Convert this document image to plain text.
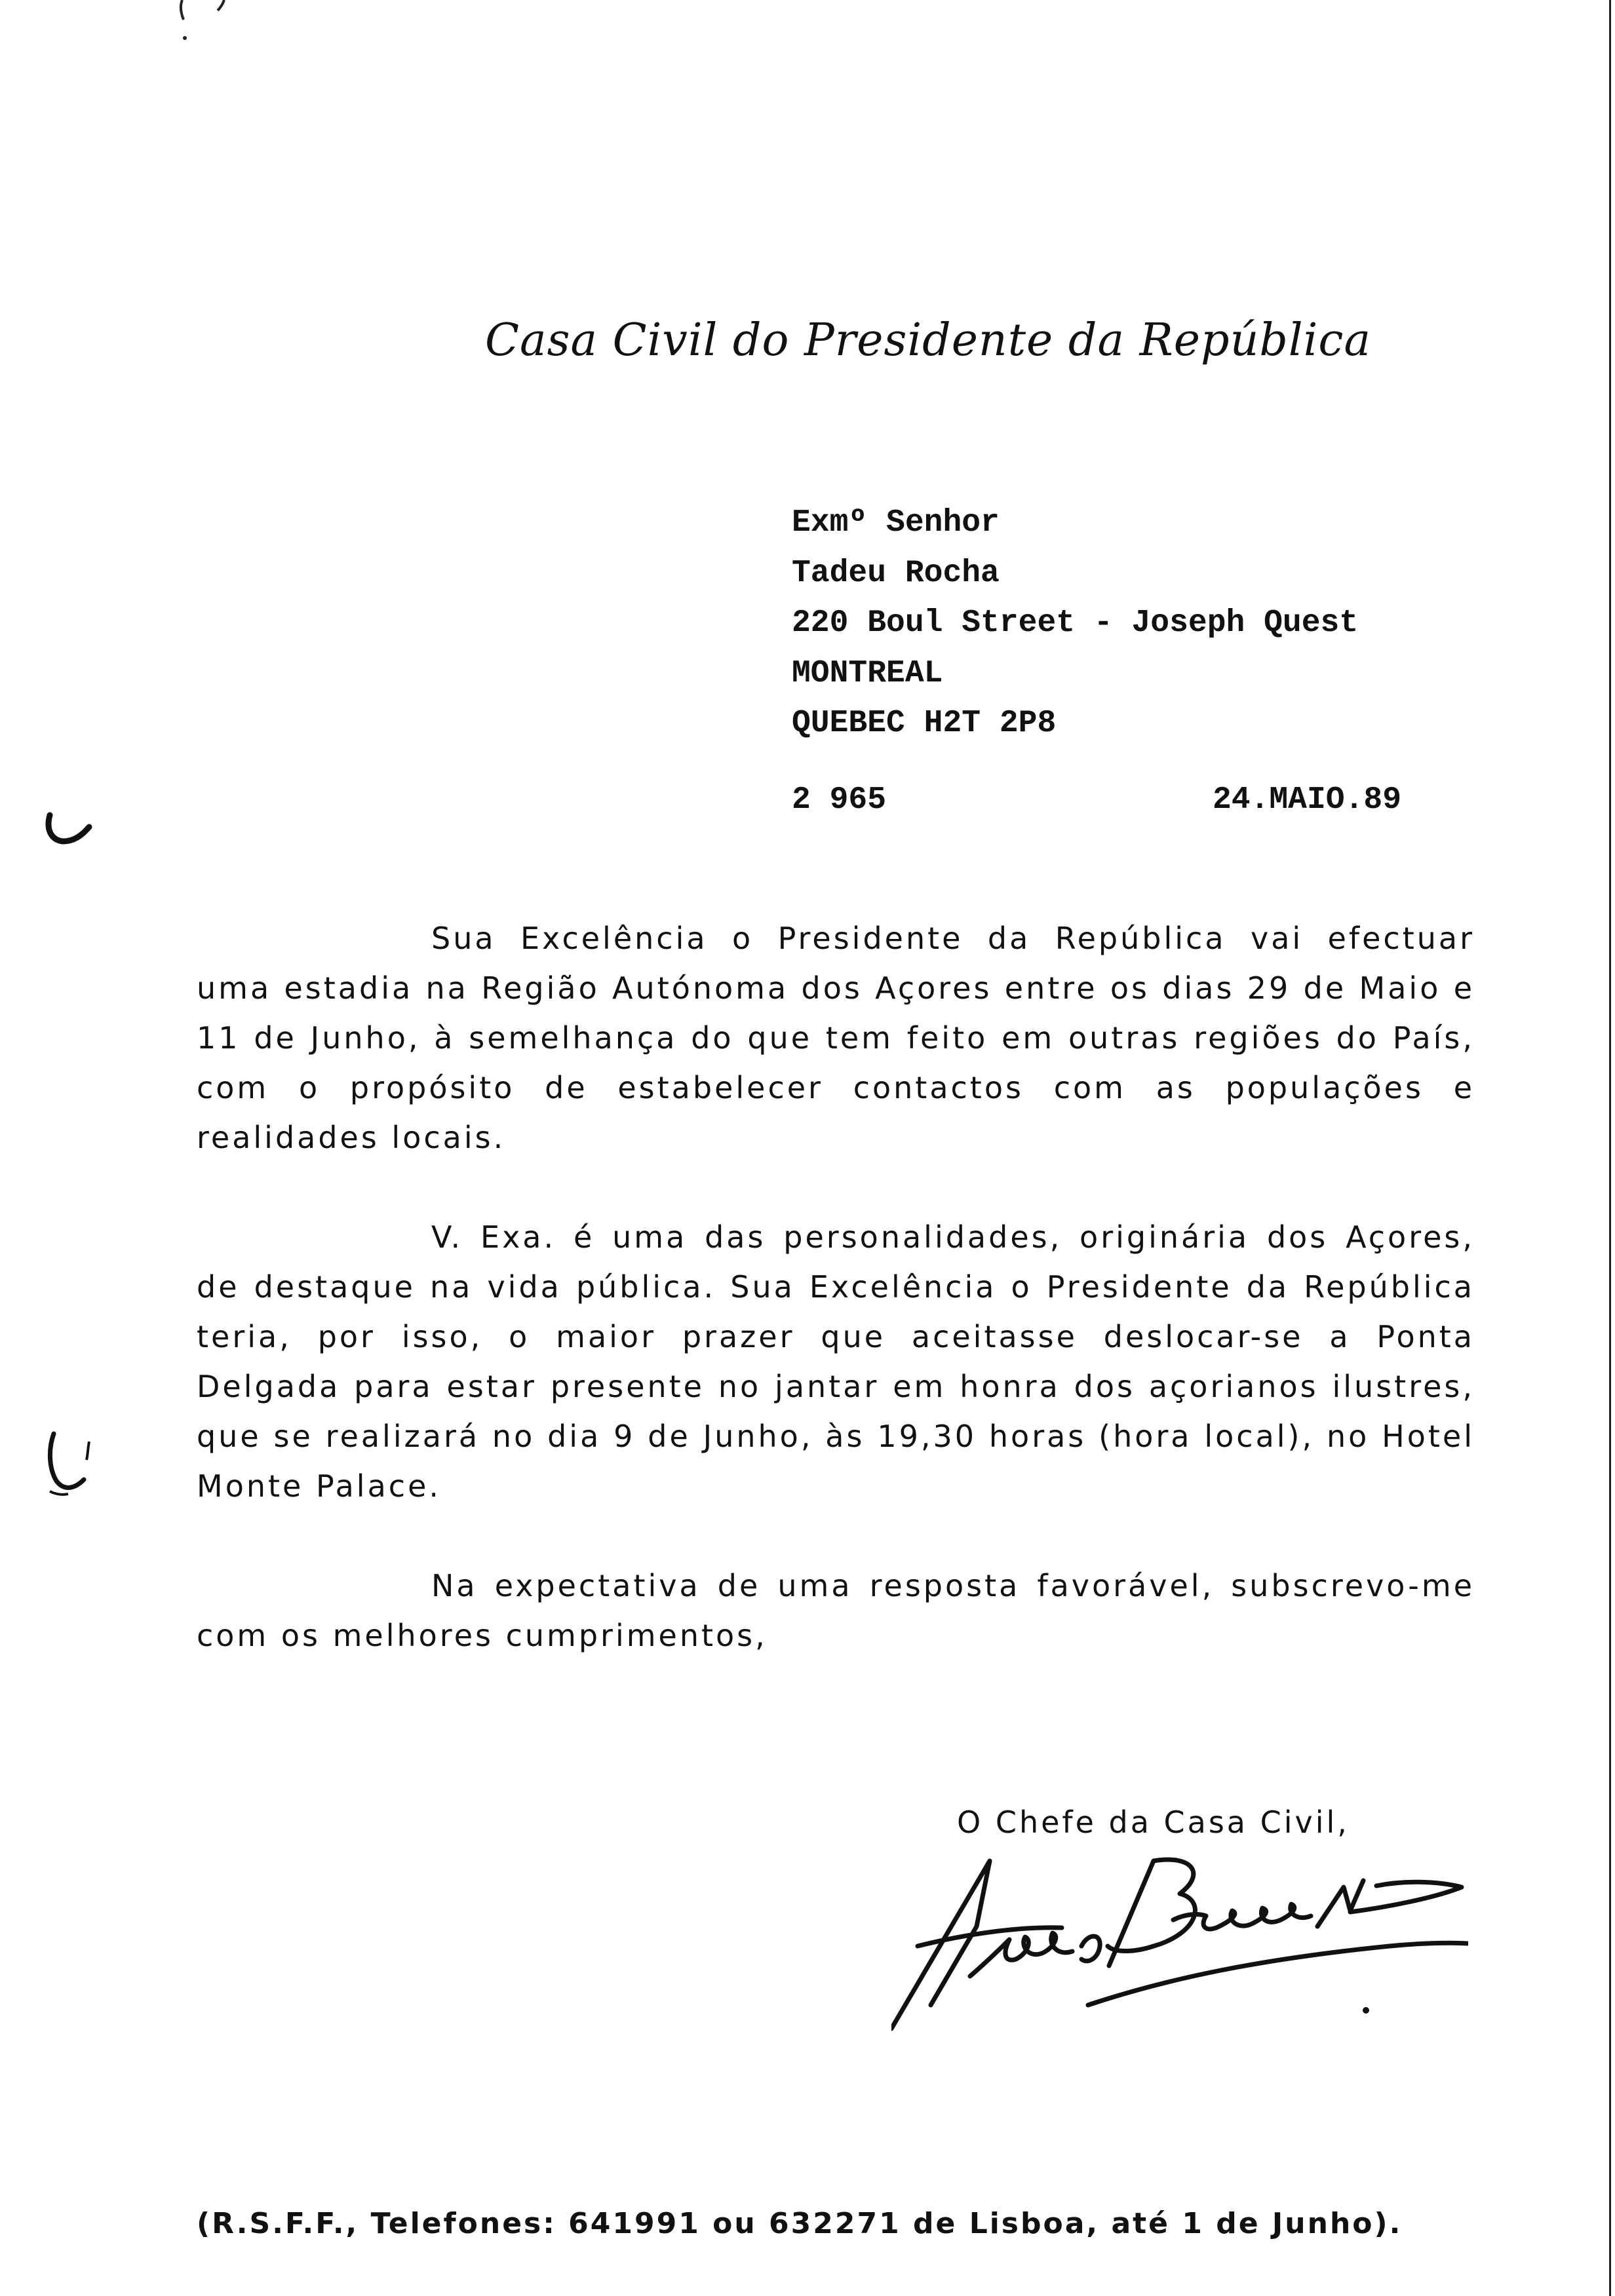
Casa Civil do Presidente da República
Exmº Senhor
Tadeu Rocha
220 Boul Street - Joseph Quest
MONTREAL
QUEBEC H2T 2P8
2 965	24.MAIO.89

Sua Excelência o Presidente da República vai efectuar uma estadia na Região Autónoma dos Açores entre os dias 29 de Maio e 11 de Junho, à semelhança do que tem feito em outras regiões do País, com o propósito de estabelecer contactos com as populações e realidades locais.

V. Exa. é uma das personalidades, originária dos Açores, de destaque na vida pública. Sua Excelência o Presidente da República teria, por isso, o maior prazer que aceitasse deslocar-se a Ponta Delgada para estar presente no jantar em honra dos açorianos ilustres, que se realizará no dia 9 de Junho, às 19,30 horas (hora local), no Hotel Monte Palace.

Na expectativa de uma resposta favorável, subscrevo-me com os melhores cumprimentos,

O Chefe da Casa Civil,
(R.S.F.F., Telefones: 641991 ou 632271 de Lisboa, até 1 de Junho).
